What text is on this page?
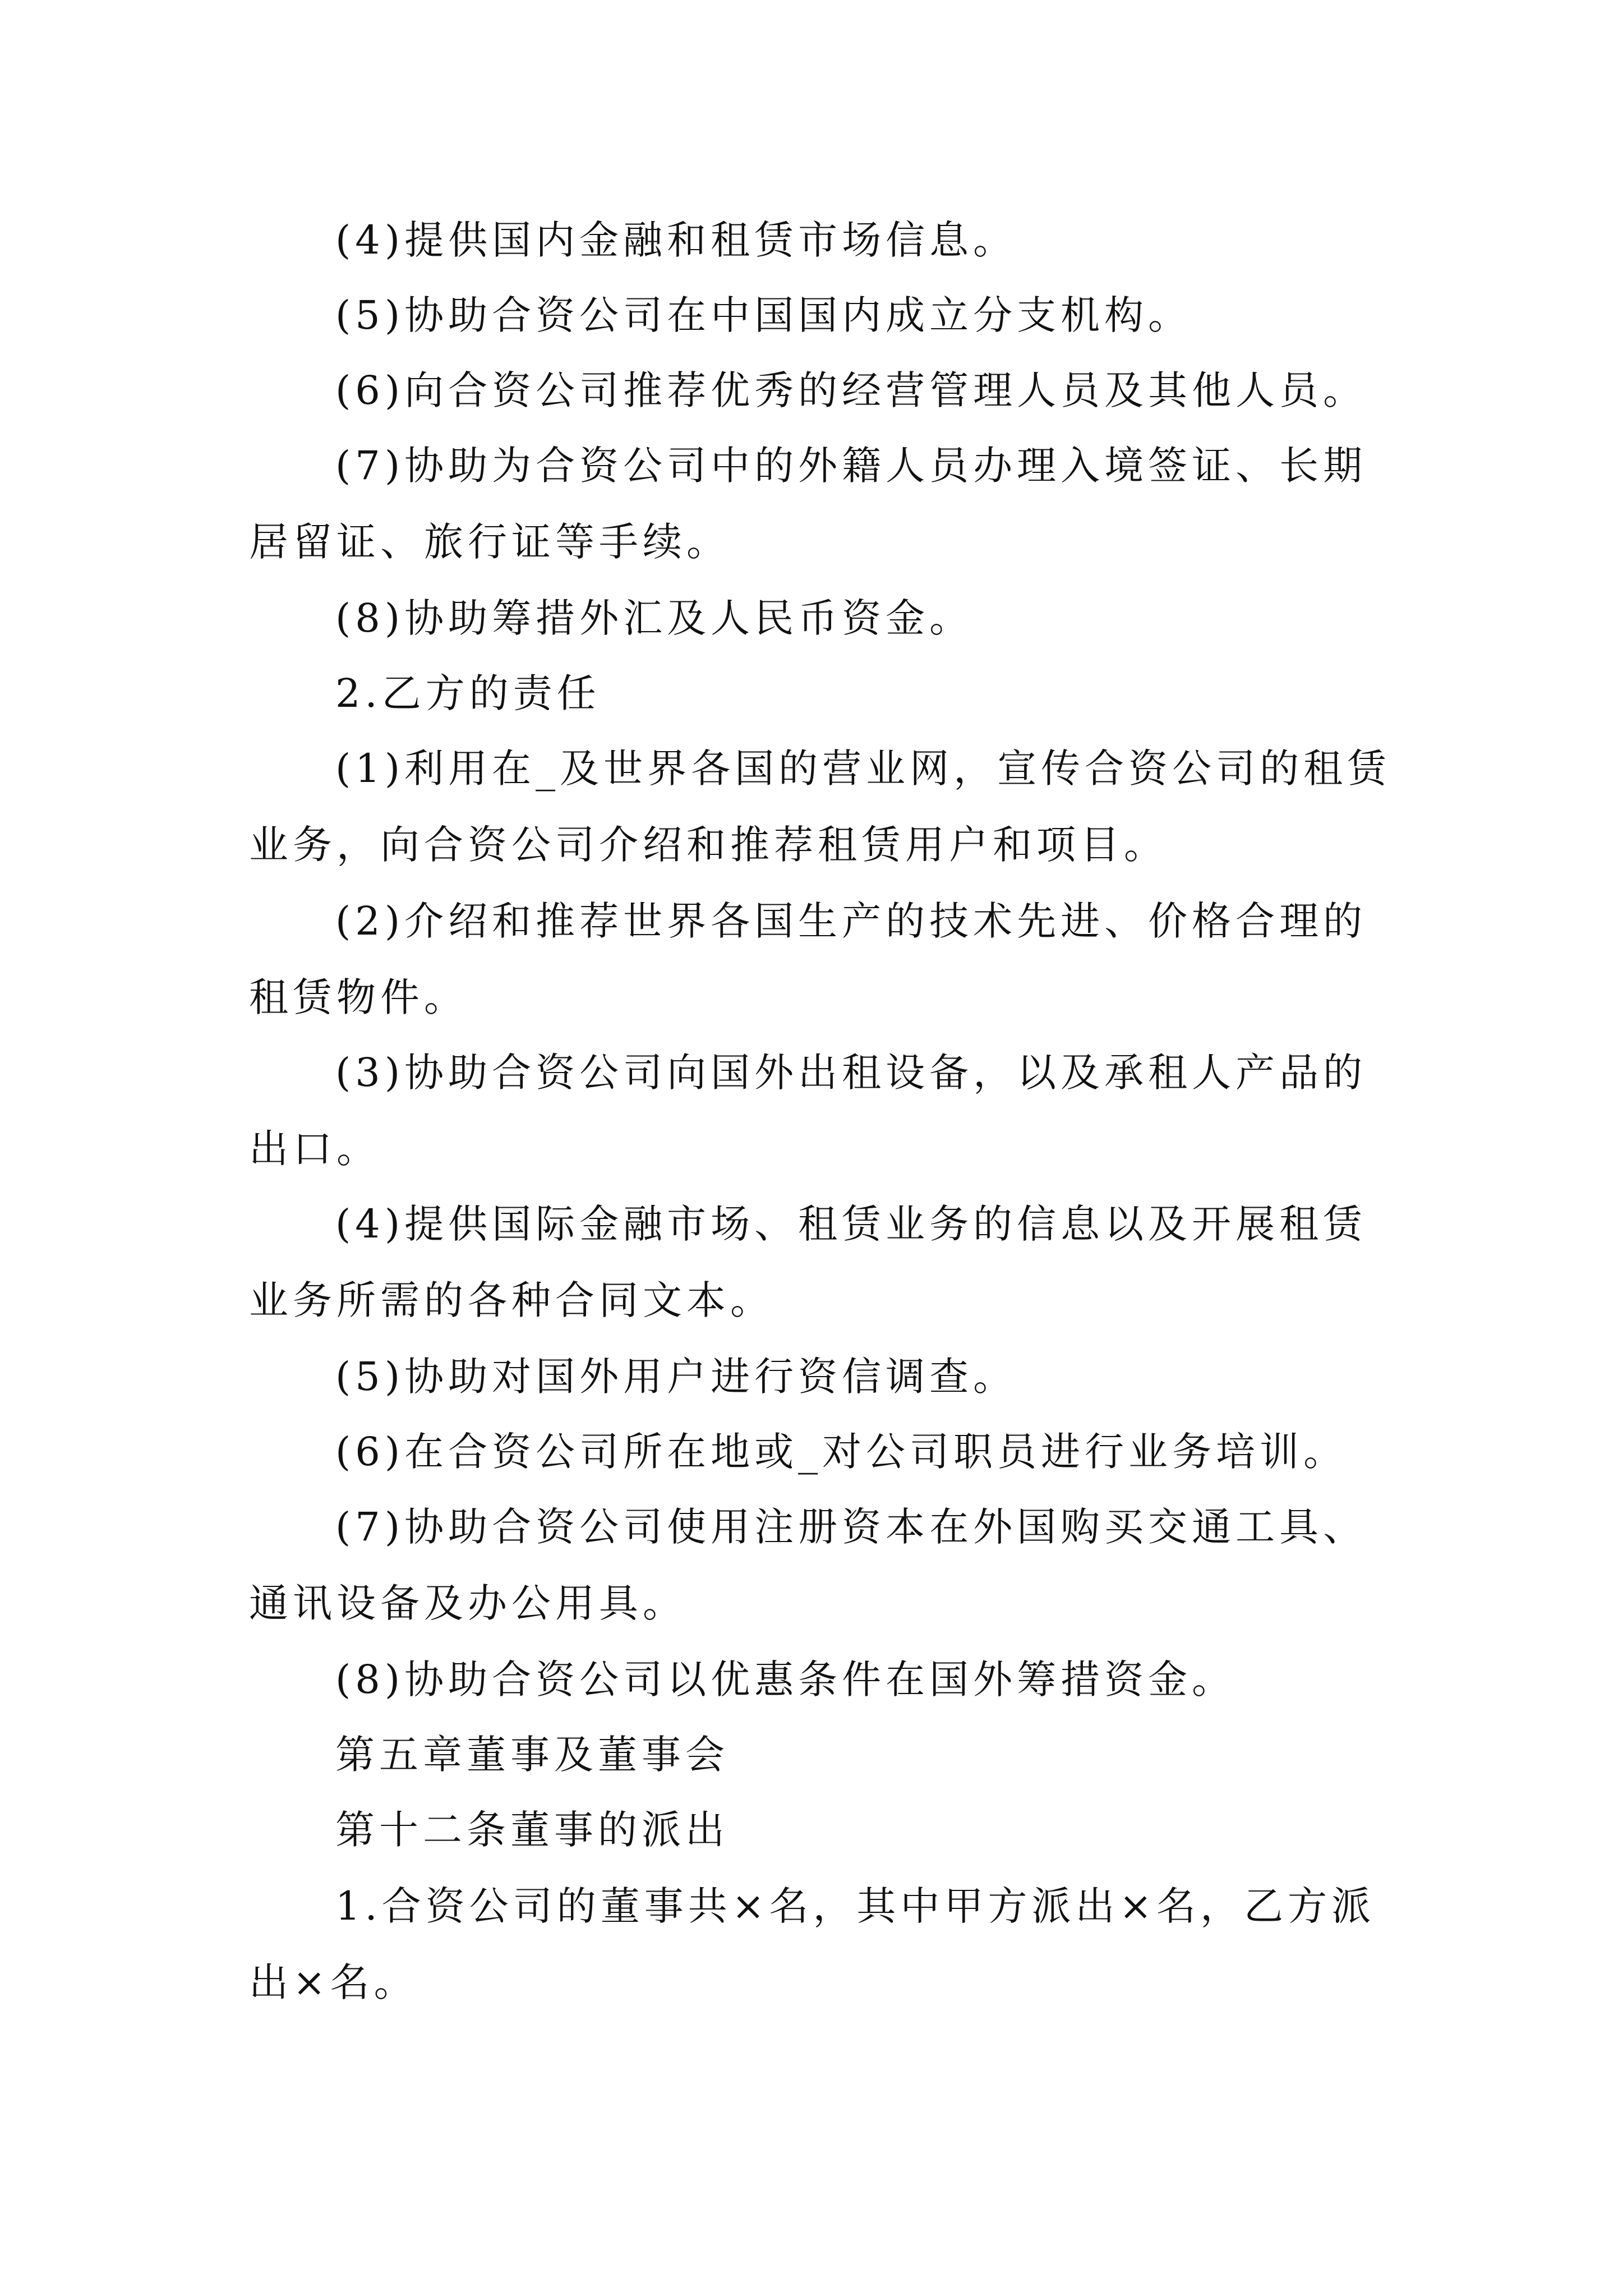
(4)提供国内金融和租赁市场信息。
(5)协助合资公司在中国国内成立分支机构。
(6)向合资公司推荐优秀的经营管理人员及其他人员。
(7)协助为合资公司中的外籍人员办理入境签证、长期
居留证、旅行证等手续。
(8)协助筹措外汇及人民币资金。
2.乙方的责任
(1)利用在_及世界各国的营业网，宣传合资公司的租赁
业务，向合资公司介绍和推荐租赁用户和项目。
(2)介绍和推荐世界各国生产的技术先进、价格合理的
租赁物件。
(3)协助合资公司向国外出租设备，以及承租人产品的
出口。
(4)提供国际金融市场、租赁业务的信息以及开展租赁
业务所需的各种合同文本。
(5)协助对国外用户进行资信调查。
(6)在合资公司所在地或_对公司职员进行业务培训。
(7)协助合资公司使用注册资本在外国购买交通工具、
通讯设备及办公用具。
(8)协助合资公司以优惠条件在国外筹措资金。
第五章董事及董事会
第十二条董事的派出
1.合资公司的董事共×名，其中甲方派出×名，乙方派
出×名。
